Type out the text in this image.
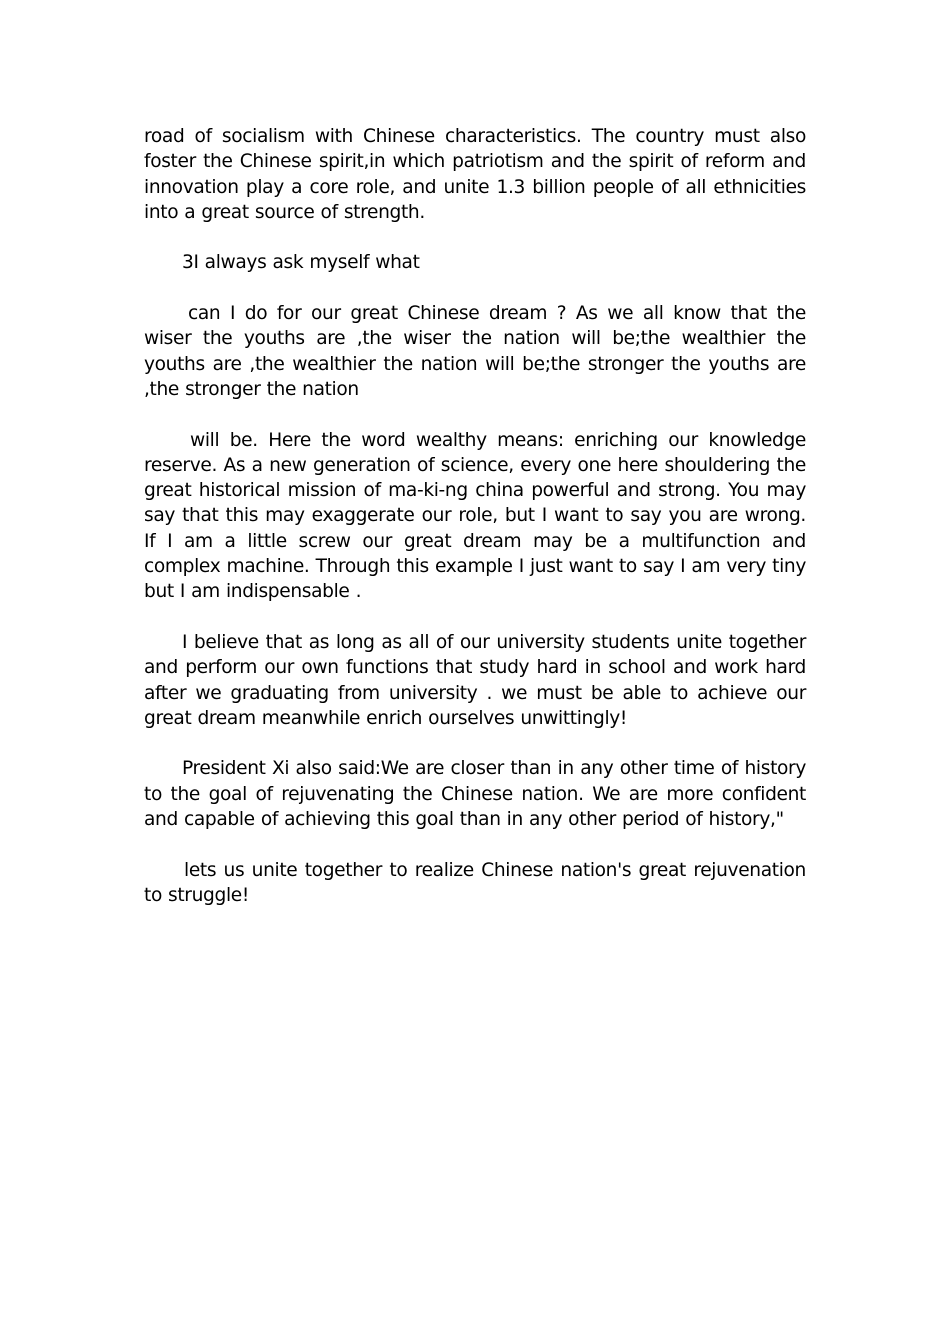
road of socialism with Chinese characteristics. The country must also foster the Chinese spirit,in which patriotism and the spirit of reform and innovation play a core role, and unite 1.3 billion people of all ethnicities into a great source of strength.

3I always ask myself what

can I do for our great Chinese dream ? As we all know that the wiser the youths are ,the wiser the nation will be;the wealthier the youths are ,the wealthier the nation will be;the stronger the youths are ,the stronger the nation

will be. Here the word wealthy means: enriching our knowledge reserve. As a new generation of science, every one here shouldering the great historical mission of ma-ki-ng china powerful and strong. You may say that this may exaggerate our role, but I want to say you are wrong. If I am a little screw our great dream may be a multifunction and complex machine. Through this example I just want to say I am very tiny but I am indispensable .

I believe that as long as all of our university students unite together and perform our own functions that study hard in school and work hard after we graduating from university . we must be able to achieve our great dream meanwhile enrich ourselves unwittingly!

President Xi also said:We are closer than in any other time of history to the goal of rejuvenating the Chinese nation. We are more confident and capable of achieving this goal than in any other period of history,"

lets us unite together to realize Chinese nation's great rejuvenation to struggle!
